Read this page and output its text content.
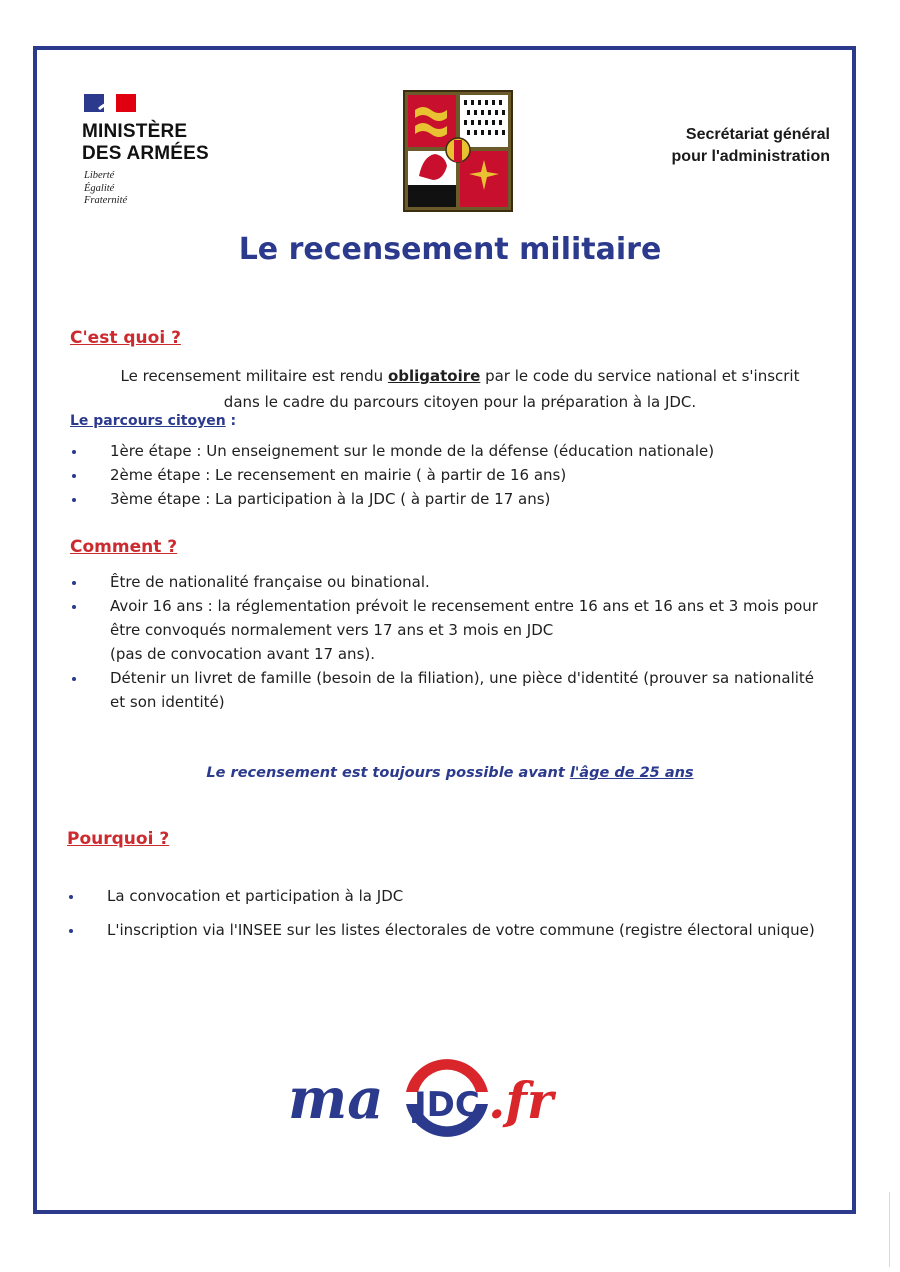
MINISTÈRE
DES ARMÉES
Liberté
Égalité
Fraternité
Secrétariat général
pour l'administration
Le recensement militaire
C'est quoi ?
Le recensement militaire est rendu obligatoire par le code du service national et s'inscrit
dans le cadre du parcours citoyen pour la préparation à la JDC.
Le parcours citoyen :
1ère étape : Un enseignement sur le monde de la défense (éducation nationale)
2ème étape : Le recensement en mairie ( à partir de 16 ans)
3ème étape : La participation à la JDC ( à partir de 17 ans)
Comment ?
Être de nationalité française ou binational.
Avoir 16 ans : la réglementation prévoit le recensement entre 16 ans et 16 ans et 3 mois pour être convoqués normalement vers 17 ans et 3 mois en JDC
(pas de convocation avant 17 ans).
Détenir un livret de famille (besoin de la filiation), une pièce d'identité (prouver sa nationalité et son identité)
Le recensement est toujours possible avant l'âge de 25 ans
Pourquoi ?
La convocation et participation à la JDC
L'inscription via l'INSEE sur les listes électorales de votre commune (registre électoral unique)
ma JDC .fr
